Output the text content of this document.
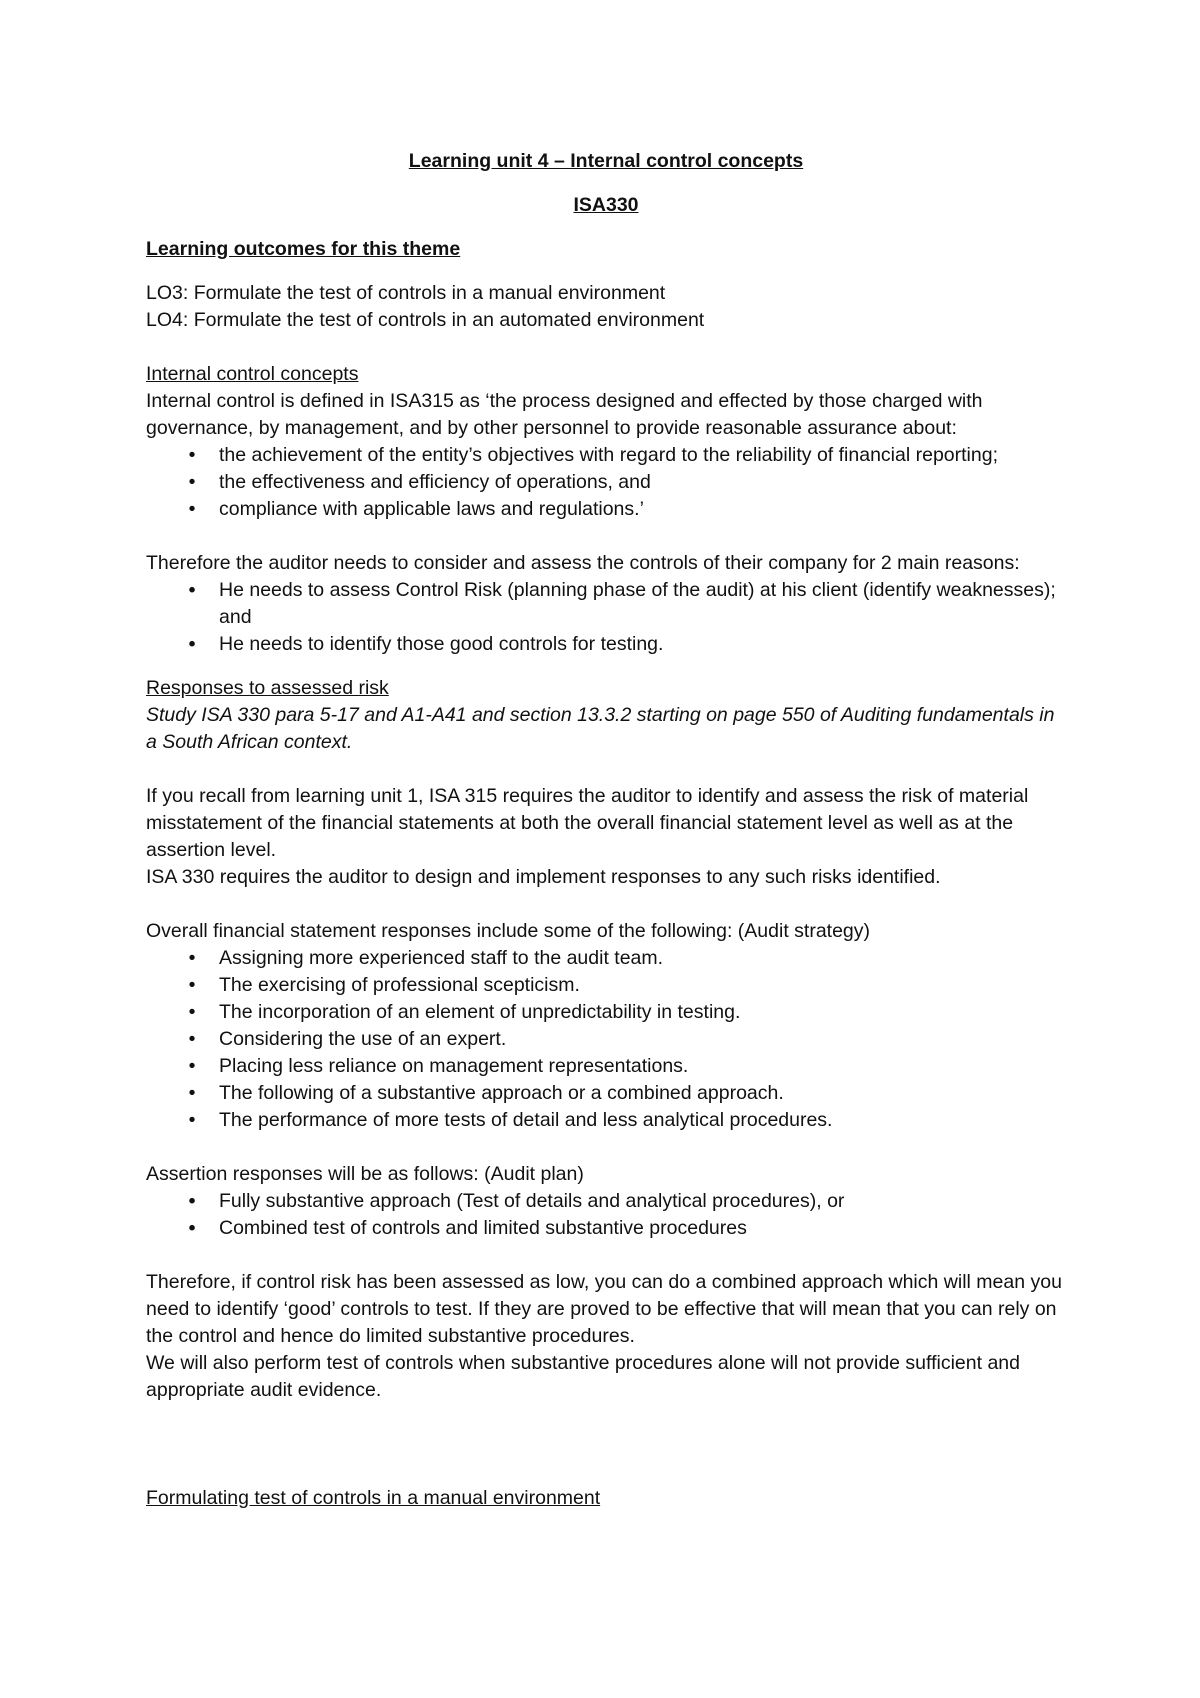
Learning unit 4 – Internal control concepts

ISA330

Learning outcomes for this theme

LO3: Formulate the test of controls in a manual environment

LO4: Formulate the test of controls in an automated environment

Internal control concepts

Internal control is defined in ISA315 as ‘the process designed and effected by those charged with governance, by management, and by other personnel to provide reasonable assurance about:

• the achievement of the entity’s objectives with regard to the reliability of financial reporting;
• the effectiveness and efficiency of operations, and
• compliance with applicable laws and regulations.’

Therefore the auditor needs to consider and assess the controls of their company for 2 main reasons:

• He needs to assess Control Risk (planning phase of the audit) at his client (identify weaknesses); and
• He needs to identify those good controls for testing.

Responses to assessed risk

Study ISA 330 para 5-17 and A1-A41 and section 13.3.2 starting on page 550 of Auditing fundamentals in a South African context.

If you recall from learning unit 1, ISA 315 requires the auditor to identify and assess the risk of material misstatement of the financial statements at both the overall financial statement level as well as at the assertion level.

ISA 330 requires the auditor to design and implement responses to any such risks identified.

Overall financial statement responses include some of the following: (Audit strategy)

• Assigning more experienced staff to the audit team.
• The exercising of professional scepticism.
• The incorporation of an element of unpredictability in testing.
• Considering the use of an expert.
• Placing less reliance on management representations.
• The following of a substantive approach or a combined approach.
• The performance of more tests of detail and less analytical procedures.

Assertion responses will be as follows: (Audit plan)

• Fully substantive approach (Test of details and analytical procedures), or
• Combined test of controls and limited substantive procedures

Therefore, if control risk has been assessed as low, you can do a combined approach which will mean you need to identify ‘good’ controls to test. If they are proved to be effective that will mean that you can rely on the control and hence do limited substantive procedures.

We will also perform test of controls when substantive procedures alone will not provide sufficient and appropriate audit evidence.

Formulating test of controls in a manual environment
